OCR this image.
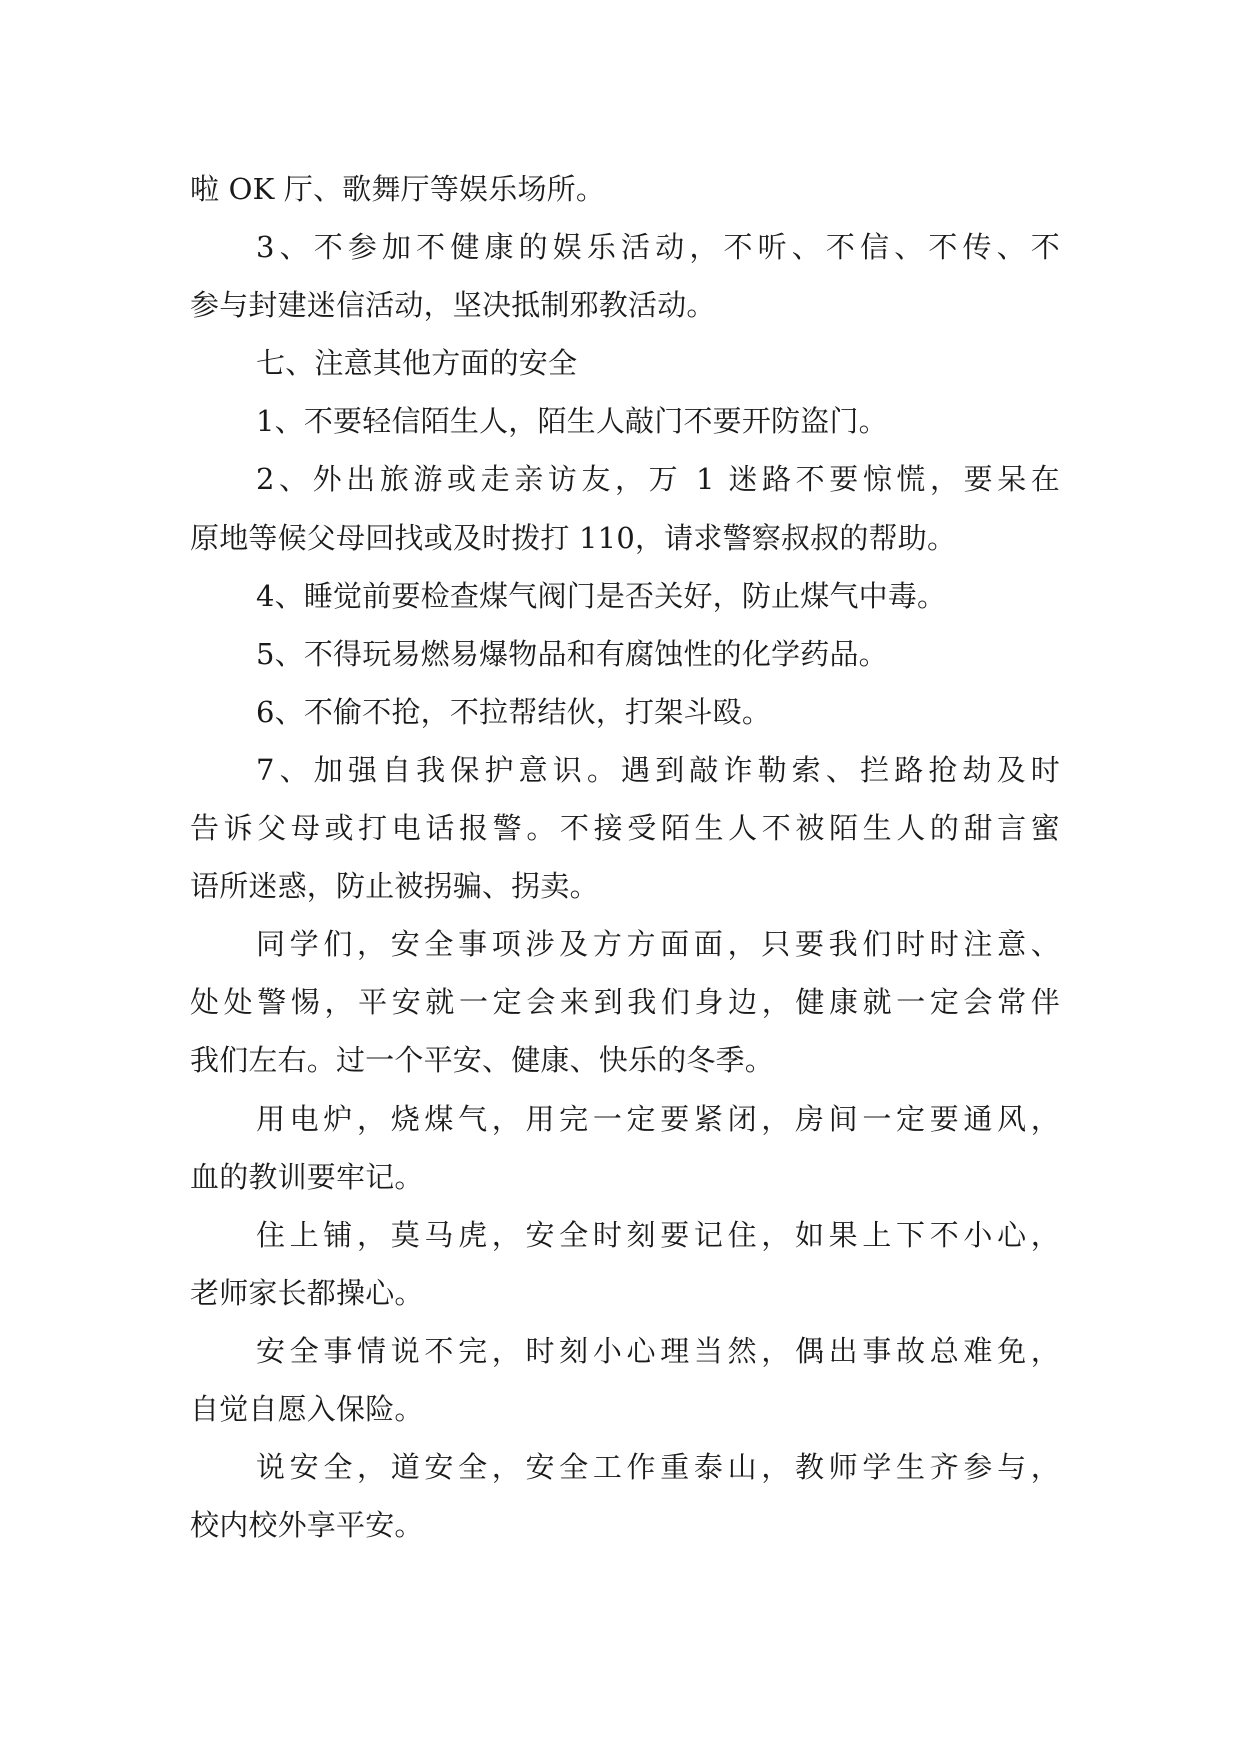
啦 OK 厅、歌舞厅等娱乐场所。
3、不参加不健康的娱乐活动，不听、不信、不传、不
参与封建迷信活动，坚决抵制邪教活动。
七、注意其他方面的安全
1、不要轻信陌生人，陌生人敲门不要开防盗门。
2、外出旅游或走亲访友，万 1 迷路不要惊慌，要呆在
原地等候父母回找或及时拨打 110，请求警察叔叔的帮助。
4、睡觉前要检查煤气阀门是否关好，防止煤气中毒。
5、不得玩易燃易爆物品和有腐蚀性的化学药品。
6、不偷不抢，不拉帮结伙，打架斗殴。
7、加强自我保护意识。遇到敲诈勒索、拦路抢劫及时
告诉父母或打电话报警。不接受陌生人不被陌生人的甜言蜜
语所迷惑，防止被拐骗、拐卖。
同学们，安全事项涉及方方面面，只要我们时时注意、
处处警惕，平安就一定会来到我们身边，健康就一定会常伴
我们左右。过一个平安、健康、快乐的冬季。
用电炉，烧煤气，用完一定要紧闭，房间一定要通风，
血的教训要牢记。
住上铺，莫马虎，安全时刻要记住，如果上下不小心，
老师家长都操心。
安全事情说不完，时刻小心理当然，偶出事故总难免，
自觉自愿入保险。
说安全，道安全，安全工作重泰山，教师学生齐参与，
校内校外享平安。
